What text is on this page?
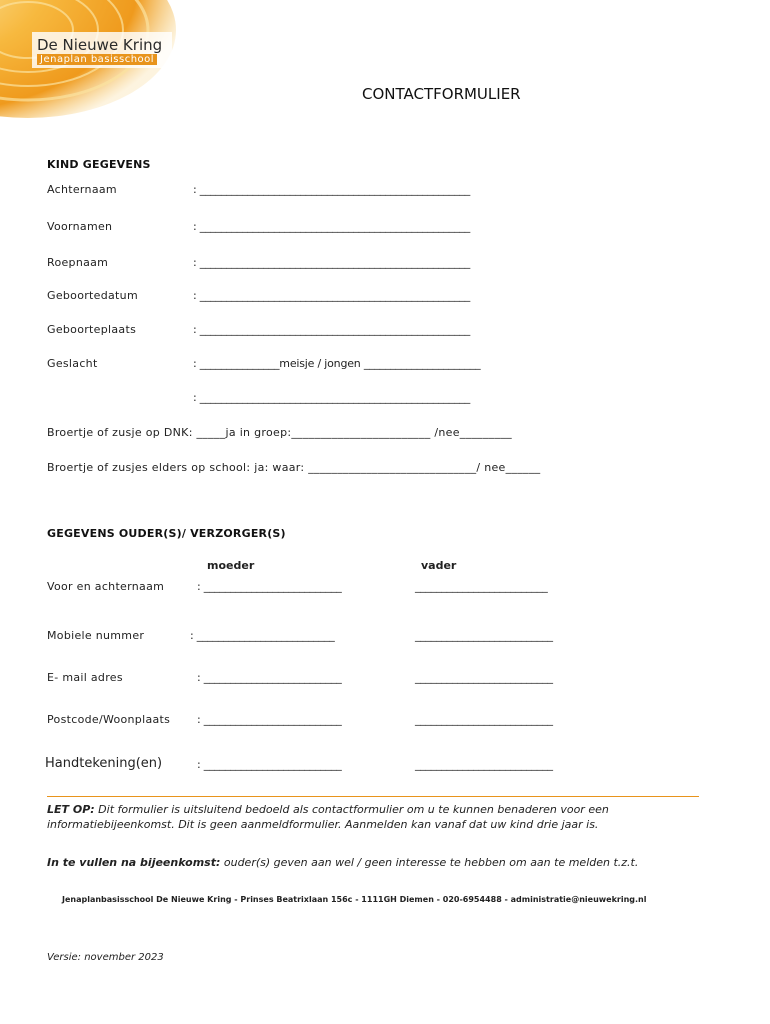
De Nieuwe Kring
Jenaplan basisschool
CONTACTFORMULIER
KIND GEGEVENS
Achternaam	: ___________________________________________________
Voornamen	: ___________________________________________________
Roepnaam	: ___________________________________________________
Geboortedatum	: ___________________________________________________
Geboorteplaats	: ___________________________________________________
Geslacht	: _______________meisje / jongen ______________________
: ___________________________________________________
Broertje of zusje op DNK: _____ja in groep:________________________ /nee_________
Broertje of zusjes elders op school: ja: waar: _____________________________/ nee______
GEGEVENS OUDER(S)/ VERZORGER(S)
moeder	vader
Voor en achternaam	: __________________________	_________________________
Mobiele nummer	: __________________________	__________________________
E- mail adres	: __________________________	__________________________
Postcode/Woonplaats : __________________________	__________________________
Handtekening(en)	: __________________________	__________________________
LET OP: Dit formulier is uitsluitend bedoeld als contactformulier om u te kunnen benaderen voor een
informatiebijeenkomst. Dit is geen aanmeldformulier. Aanmelden kan vanaf dat uw kind drie jaar is.
In te vullen na bijeenkomst: ouder(s) geven aan wel / geen interesse te hebben om aan te melden t.z.t.
Jenaplanbasisschool De Nieuwe Kring - Prinses Beatrixlaan 156c - 1111GH Diemen - 020-6954488 - administratie@nieuwekring.nl
Versie: november 2023
